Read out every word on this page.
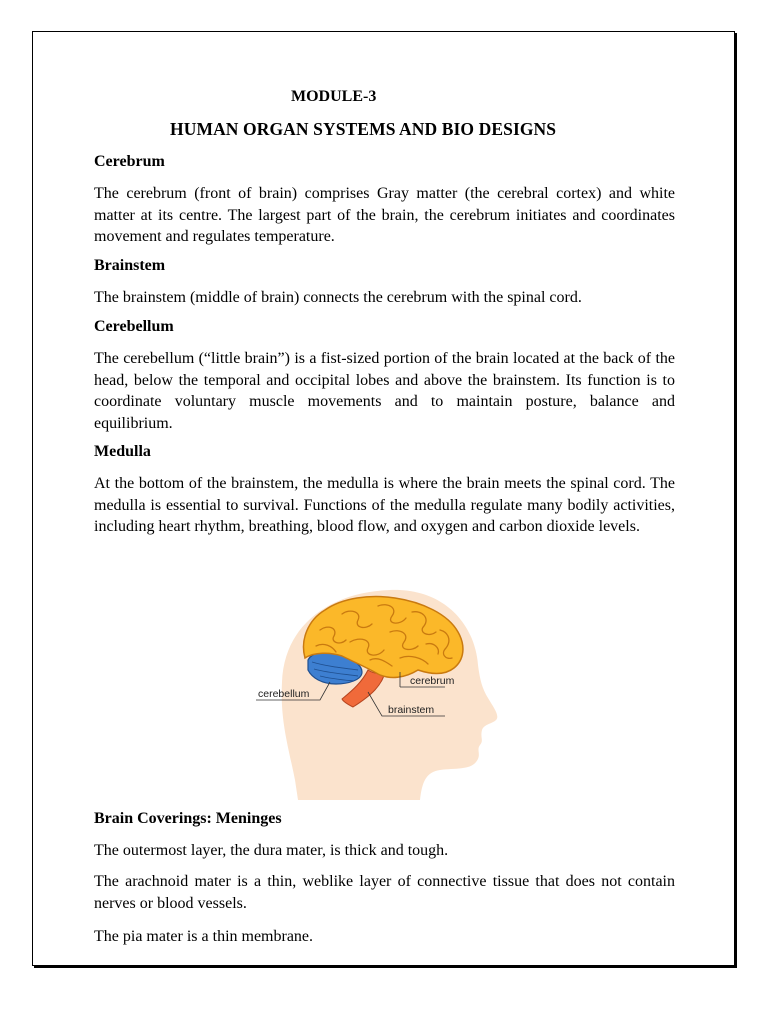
MODULE-3
HUMAN ORGAN SYSTEMS AND BIO DESIGNS
Cerebrum

The cerebrum (front of brain) comprises Gray matter (the cerebral cortex) and white matter at its centre. The largest part of the brain, the cerebrum initiates and coordinates movement and regulates temperature.

Brainstem

The brainstem (middle of brain) connects the cerebrum with the spinal cord.

Cerebellum

The cerebellum (“little brain”) is a fist-sized portion of the brain located at the back of the head, below the temporal and occipital lobes and above the brainstem. Its function is to coordinate voluntary muscle movements and to maintain posture, balance and equilibrium.

Medulla

At the bottom of the brainstem, the medulla is where the brain meets the spinal cord. The medulla is essential to survival. Functions of the medulla regulate many bodily activities, including heart rhythm, breathing, blood flow, and oxygen and carbon dioxide levels.

Brain Coverings: Meninges

The outermost layer, the dura mater, is thick and tough.

The arachnoid mater is a thin, weblike layer of connective tissue that does not contain nerves or blood vessels.

The pia mater is a thin membrane.

cerebellum
cerebrum
brainstem
